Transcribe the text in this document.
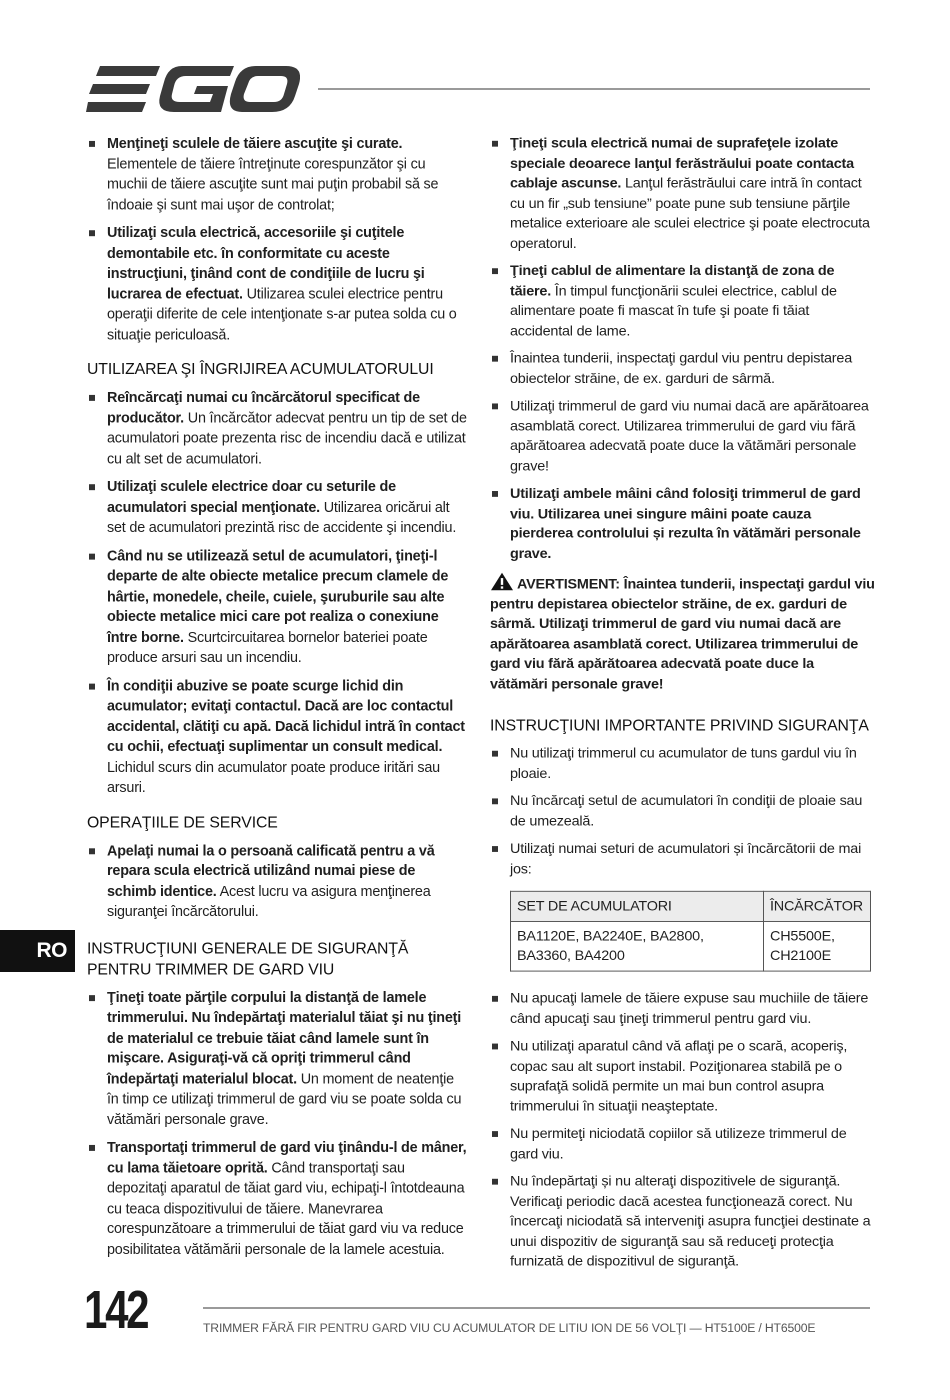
Menţineţi sculele de tăiere ascuţite şi curate. Elementele de tăiere întreţinute corespunzător şi cu muchii de tăiere ascuţite sunt mai puţin probabil să se îndoaie şi sunt mai uşor de controlat;
Utilizaţi scula electrică, accesoriile şi cuţitele demontabile etc. în conformitate cu aceste instrucţiuni, ţinând cont de condiţiile de lucru şi lucrarea de efectuat. Utilizarea sculei electrice pentru operaţii diferite de cele intenţionate s-ar putea solda cu o situaţie periculoasă.
UTILIZAREA ŞI ÎNGRIJIREA ACUMULATORULUI
Reîncărcaţi numai cu încărcătorul specificat de producător. Un încărcător adecvat pentru un tip de set de acumulatori poate prezenta risc de incendiu dacă e utilizat cu alt set de acumulatori.
Utilizaţi sculele electrice doar cu seturile de acumulatori special menţionate. Utilizarea oricărui alt set de acumulatori prezintă risc de accidente şi incendiu.
Când nu se utilizează setul de acumulatori, ţineţi-l departe de alte obiecte metalice precum clamele de hârtie, monedele, cheile, cuiele, şuruburile sau alte obiecte metalice mici care pot realiza o conexiune între borne. Scurtcircuitarea bornelor bateriei poate produce arsuri sau un incendiu.
În condiţii abuzive se poate scurge lichid din acumulator; evitaţi contactul. Dacă are loc contactul accidental, clătiţi cu apă. Dacă lichidul intră în contact cu ochii, efectuaţi suplimentar un consult medical. Lichidul scurs din acumulator poate produce iritări sau arsuri.
OPERAŢIILE DE SERVICE
Apelaţi numai la o persoană calificată pentru a vă repara scula electrică utilizând numai piese de schimb identice. Acest lucru va asigura menţinerea siguranţei încărcătorului.
INSTRUCŢIUNI GENERALE DE SIGURANŢĂ
PENTRU TRIMMER DE GARD VIU
Ţineţi toate părţile corpului la distanţă de lamele trimmerului. Nu îndepărtaţi materialul tăiat şi nu ţineţi de materialul ce trebuie tăiat când lamele sunt în mişcare. Asiguraţi-vă că opriţi trimmerul când îndepărtaţi materialul blocat. Un moment de neatenţie în timp ce utilizaţi trimmerul de gard viu se poate solda cu vătămări personale grave.
Transportaţi trimmerul de gard viu ţinându-l de mâner, cu lama tăietoare oprită. Când transportaţi sau depozitaţi aparatul de tăiat gard viu, echipaţi-l întotdeauna cu teaca dispozitivului de tăiere. Manevrarea corespunzătoare a trimmerului de tăiat gard viu va reduce posibilitatea vătămării personale de la lamele acestuia.
Ţineţi scula electrică numai de suprafeţele izolate speciale deoarece lanţul ferăstrăului poate contacta cablaje ascunse. Lanţul ferăstrăului care intră în contact cu un fir „sub tensiune” poate pune sub tensiune părţile metalice exterioare ale sculei electrice şi poate electrocuta operatorul.
Ţineţi cablul de alimentare la distanţă de zona de tăiere. În timpul funcţionării sculei electrice, cablul de alimentare poate fi mascat în tufe şi poate fi tăiat accidental de lame.
Înaintea tunderii, inspectaţi gardul viu pentru depistarea obiectelor străine, de ex. garduri de sârmă.
Utilizaţi trimmerul de gard viu numai dacă are apărătoarea asamblată corect. Utilizarea trimmerului de gard viu fără apărătoarea adecvată poate duce la vătămări personale grave!
Utilizaţi ambele mâini când folosiţi trimmerul de gard viu. Utilizarea unei singure mâini poate cauza pierderea controlului și rezulta în vătămări personale grave.
AVERTISMENT: Înaintea tunderii, inspectaţi gardul viu pentru depistarea obiectelor străine, de ex. garduri de sârmă. Utilizaţi trimmerul de gard viu numai dacă are apărătoarea asamblată corect. Utilizarea trimmerului de gard viu fără apărătoarea adecvată poate duce la vătămări personale grave!
INSTRUCŢIUNI IMPORTANTE PRIVIND SIGURANŢA
Nu utilizaţi trimmerul cu acumulator de tuns gardul viu în ploaie.
Nu încărcaţi setul de acumulatori în condiţii de ploaie sau de umezeală.
Utilizaţi numai seturi de acumulatori și încărcătorii de mai jos:
SET DE ACUMULATORI	ÎNCĂRCĂTOR
BA1120E, BA2240E, BA2800, BA3360, BA4200	CH5500E, CH2100E
Nu apucaţi lamele de tăiere expuse sau muchiile de tăiere când apucaţi sau ţineţi trimmerul pentru gard viu.
Nu utilizaţi aparatul când vă aflaţi pe o scară, acoperiş, copac sau alt suport instabil. Poziţionarea stabilă pe o suprafaţă solidă permite un mai bun control asupra trimmerului în situaţii neaşteptate.
Nu permiteţi niciodată copiilor să utilizeze trimmerul de gard viu.
Nu îndepărtaţi și nu alteraţi dispozitivele de siguranţă. Verificaţi periodic dacă acestea funcţionează corect. Nu încercaţi niciodată să interveniţi asupra funcţiei destinate a unui dispozitiv de siguranţă sau să reduceţi protecţia furnizată de dispozitivul de siguranţă.
RO
142	TRIMMER FĂRĂ FIR PENTRU GARD VIU CU ACUMULATOR DE LITIU ION DE 56 VOLŢI — HT5100E / HT6500E
